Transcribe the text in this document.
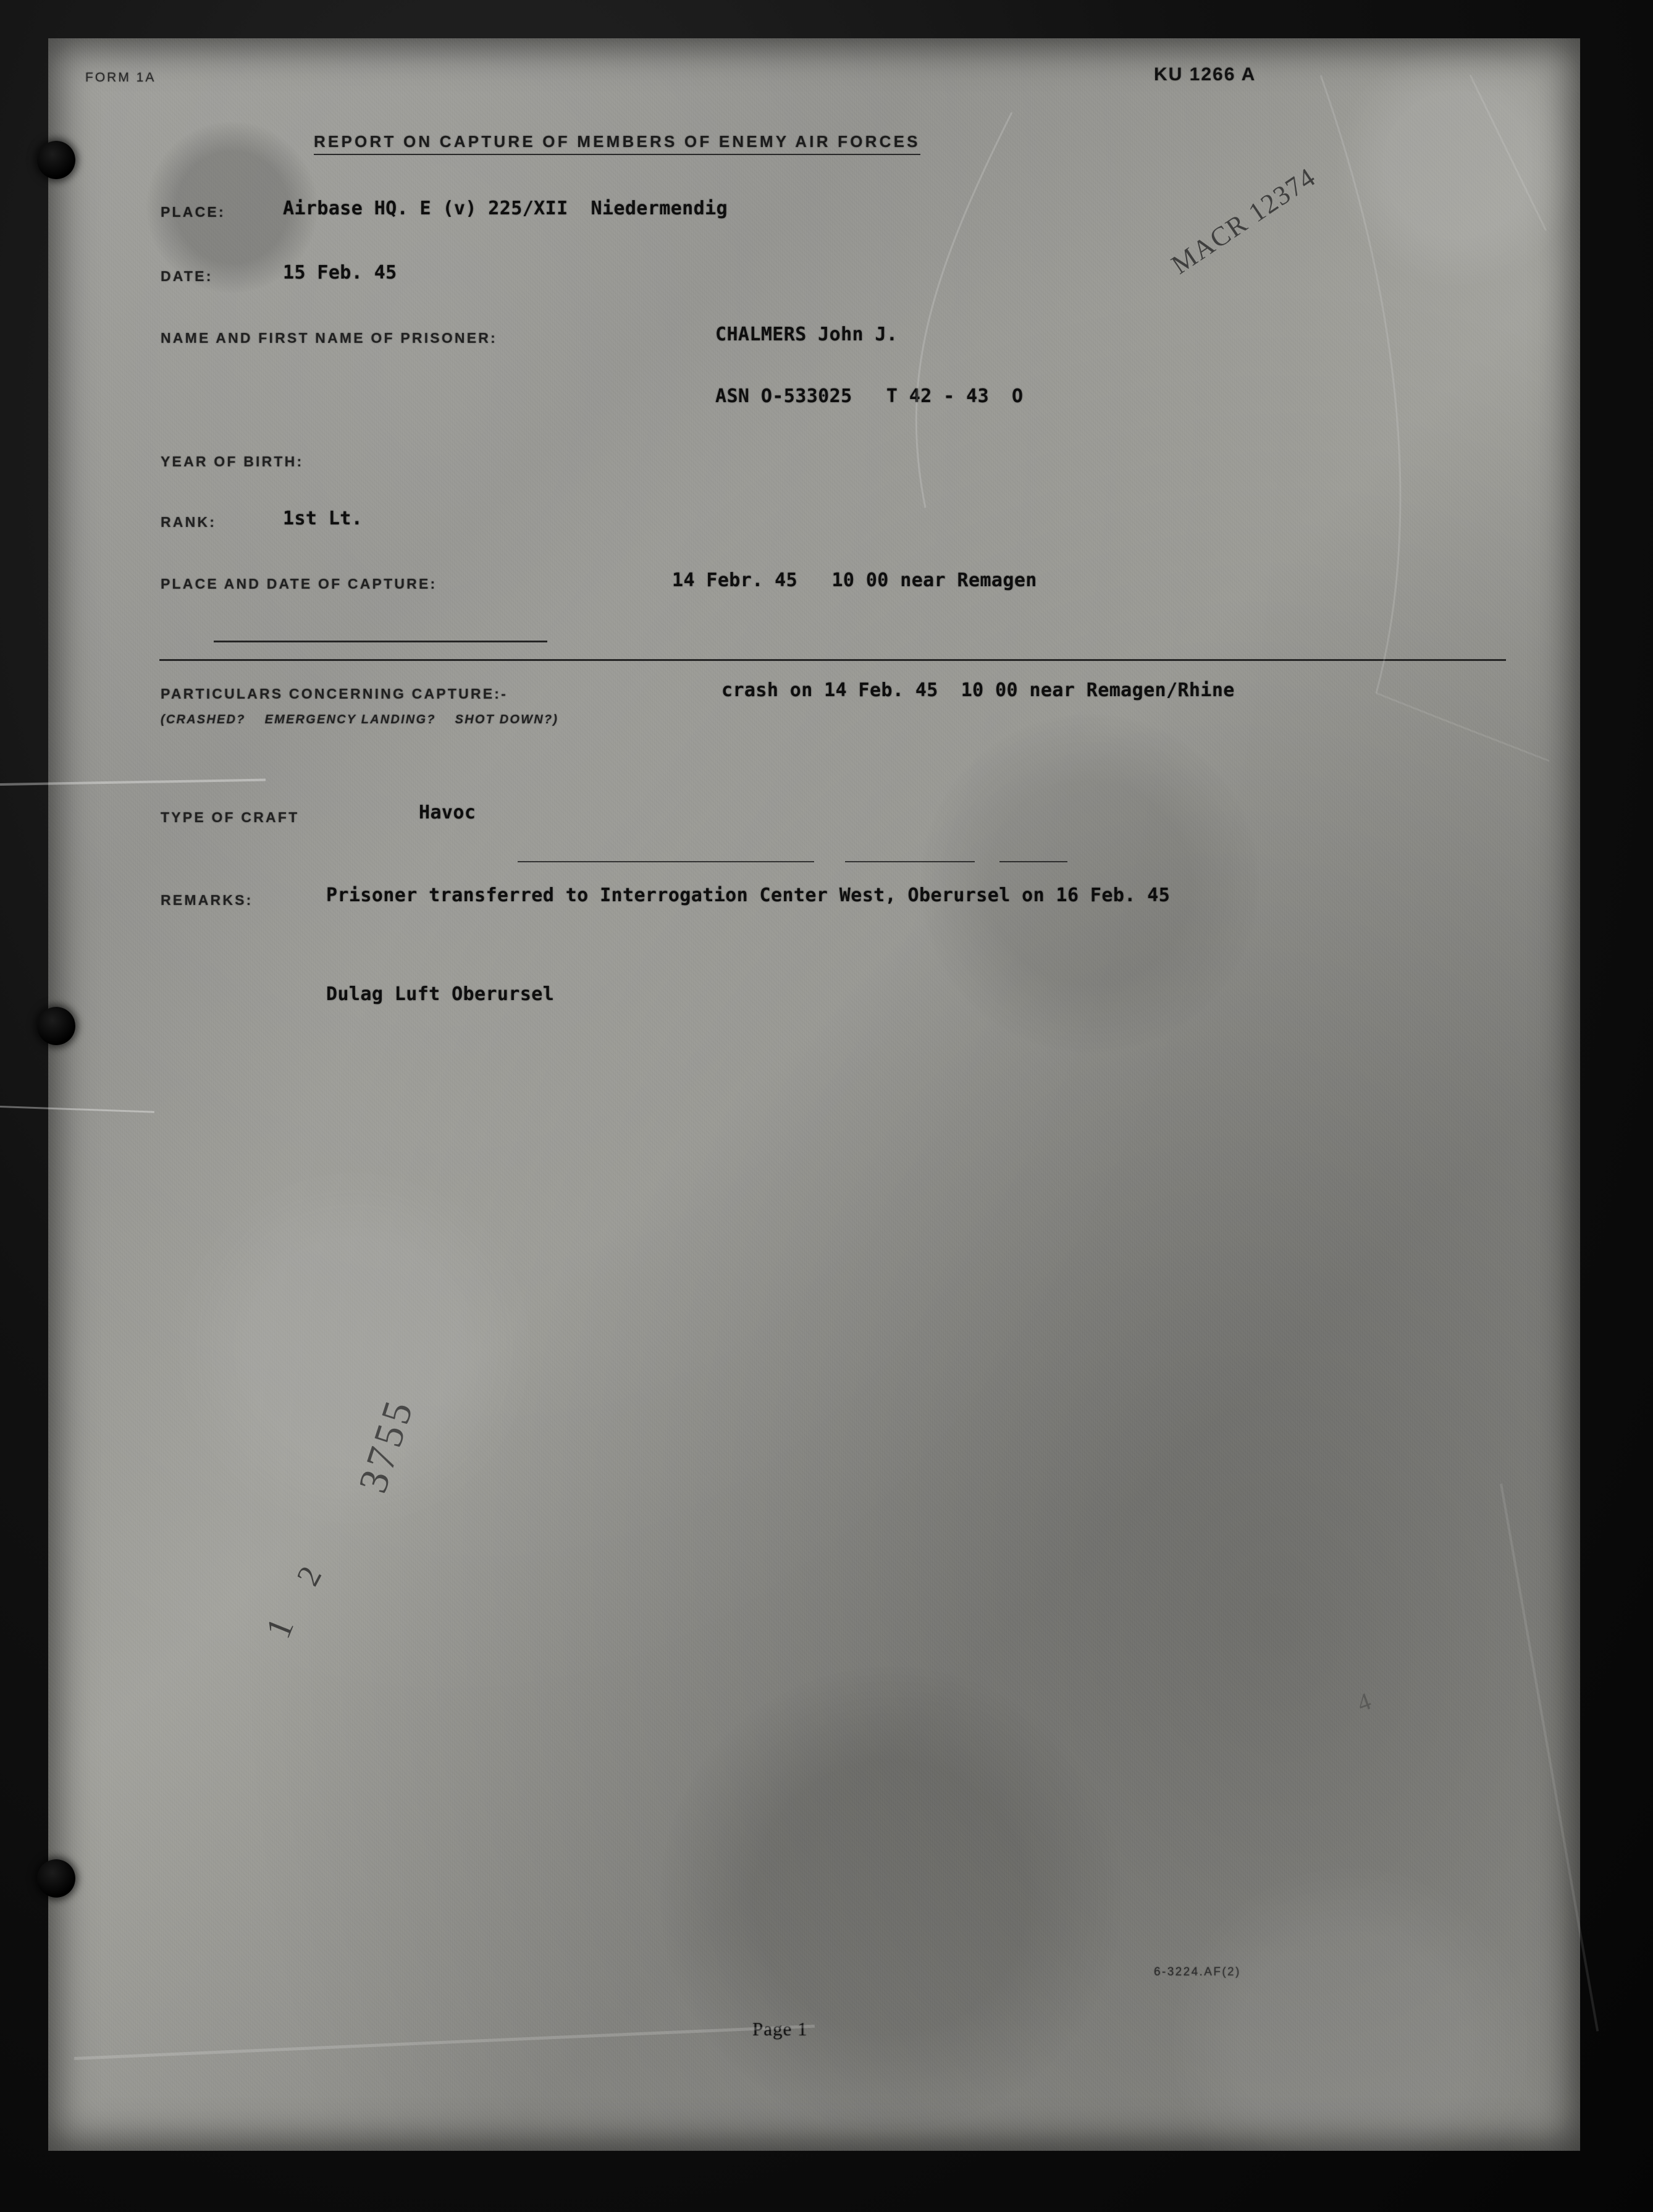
FORM 1A	KU 1266 A
REPORT ON CAPTURE OF MEMBERS OF ENEMY AIR FORCES
PLACE:	Airbase HQ. E (v) 225/XII  Niedermendig
DATE:	15 Feb. 45
NAME AND FIRST NAME OF PRISONER:	CHALMERS John J.
ASN O-533025   T 42 - 43  O
YEAR OF BIRTH:
RANK:	1st Lt.
PLACE AND DATE OF CAPTURE:	14 Febr. 45   10 00 near Remagen
PARTICULARS CONCERNING CAPTURE:-	crash on 14 Feb. 45  10 00 near Remagen/Rhine
(CRASHED?    EMERGENCY LANDING?    SHOT DOWN?)
TYPE OF CRAFT	Havoc
REMARKS:	Prisoner transferred to Interrogation Center West, Oberursel on 16 Feb. 45
Dulag Luft Oberursel
6-3224.AF(2)
Page 1
MACR 12374
3755
2
1
4
